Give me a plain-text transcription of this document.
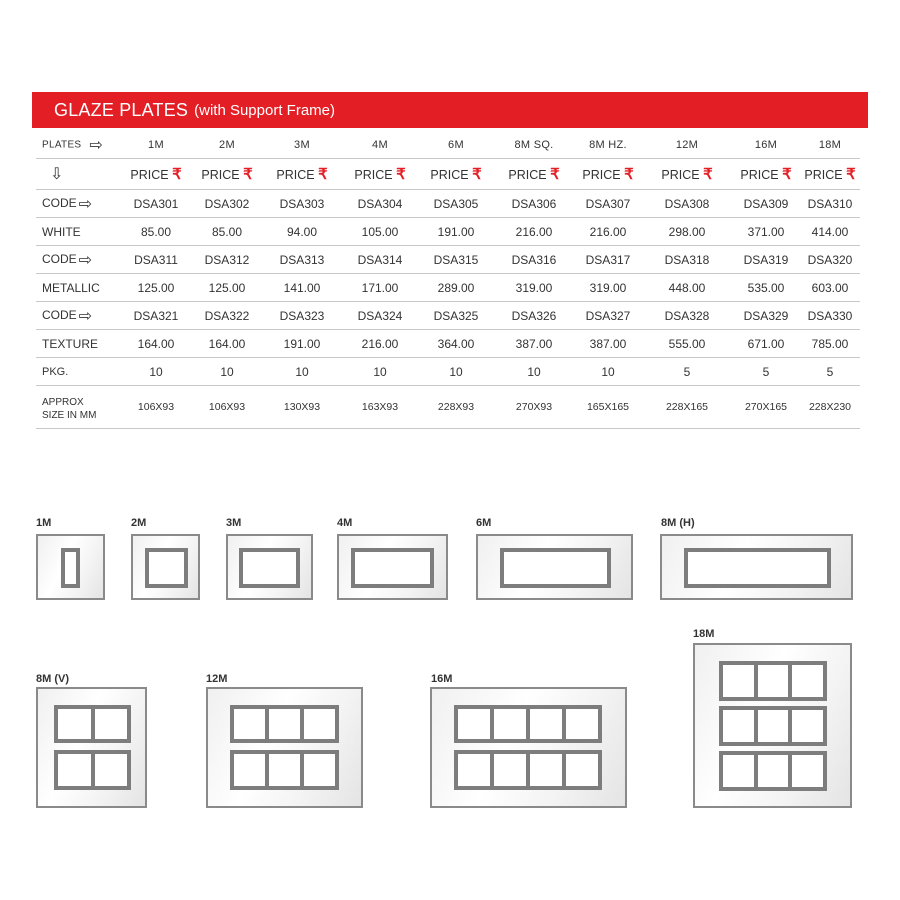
GLAZE PLATES (with Support Frame)
PLATES ⇨	1M	2M	3M	4M	6M	8M SQ.	8M HZ.	12M	16M	18M
⇩	PRICE ₹	PRICE ₹	PRICE ₹	PRICE ₹	PRICE ₹	PRICE ₹	PRICE ₹	PRICE ₹	PRICE ₹	PRICE ₹
CODE ⇨	DSA301	DSA302	DSA303	DSA304	DSA305	DSA306	DSA307	DSA308	DSA309	DSA310
WHITE	85.00	85.00	94.00	105.00	191.00	216.00	216.00	298.00	371.00	414.00
CODE ⇨	DSA311	DSA312	DSA313	DSA314	DSA315	DSA316	DSA317	DSA318	DSA319	DSA320
METALLIC	125.00	125.00	141.00	171.00	289.00	319.00	319.00	448.00	535.00	603.00
CODE ⇨	DSA321	DSA322	DSA323	DSA324	DSA325	DSA326	DSA327	DSA328	DSA329	DSA330
TEXTURE	164.00	164.00	191.00	216.00	364.00	387.00	387.00	555.00	671.00	785.00
PKG.	10	10	10	10	10	10	10	5	5	5

APPROX
SIZE IN MM	106X93	106X93	130X93	163X93	228X93	270X93	165X165	228X165	270X165	228X230
1M	2M	3M	4M	6M	8M (H)
8M (V)	12M	16M
18M
